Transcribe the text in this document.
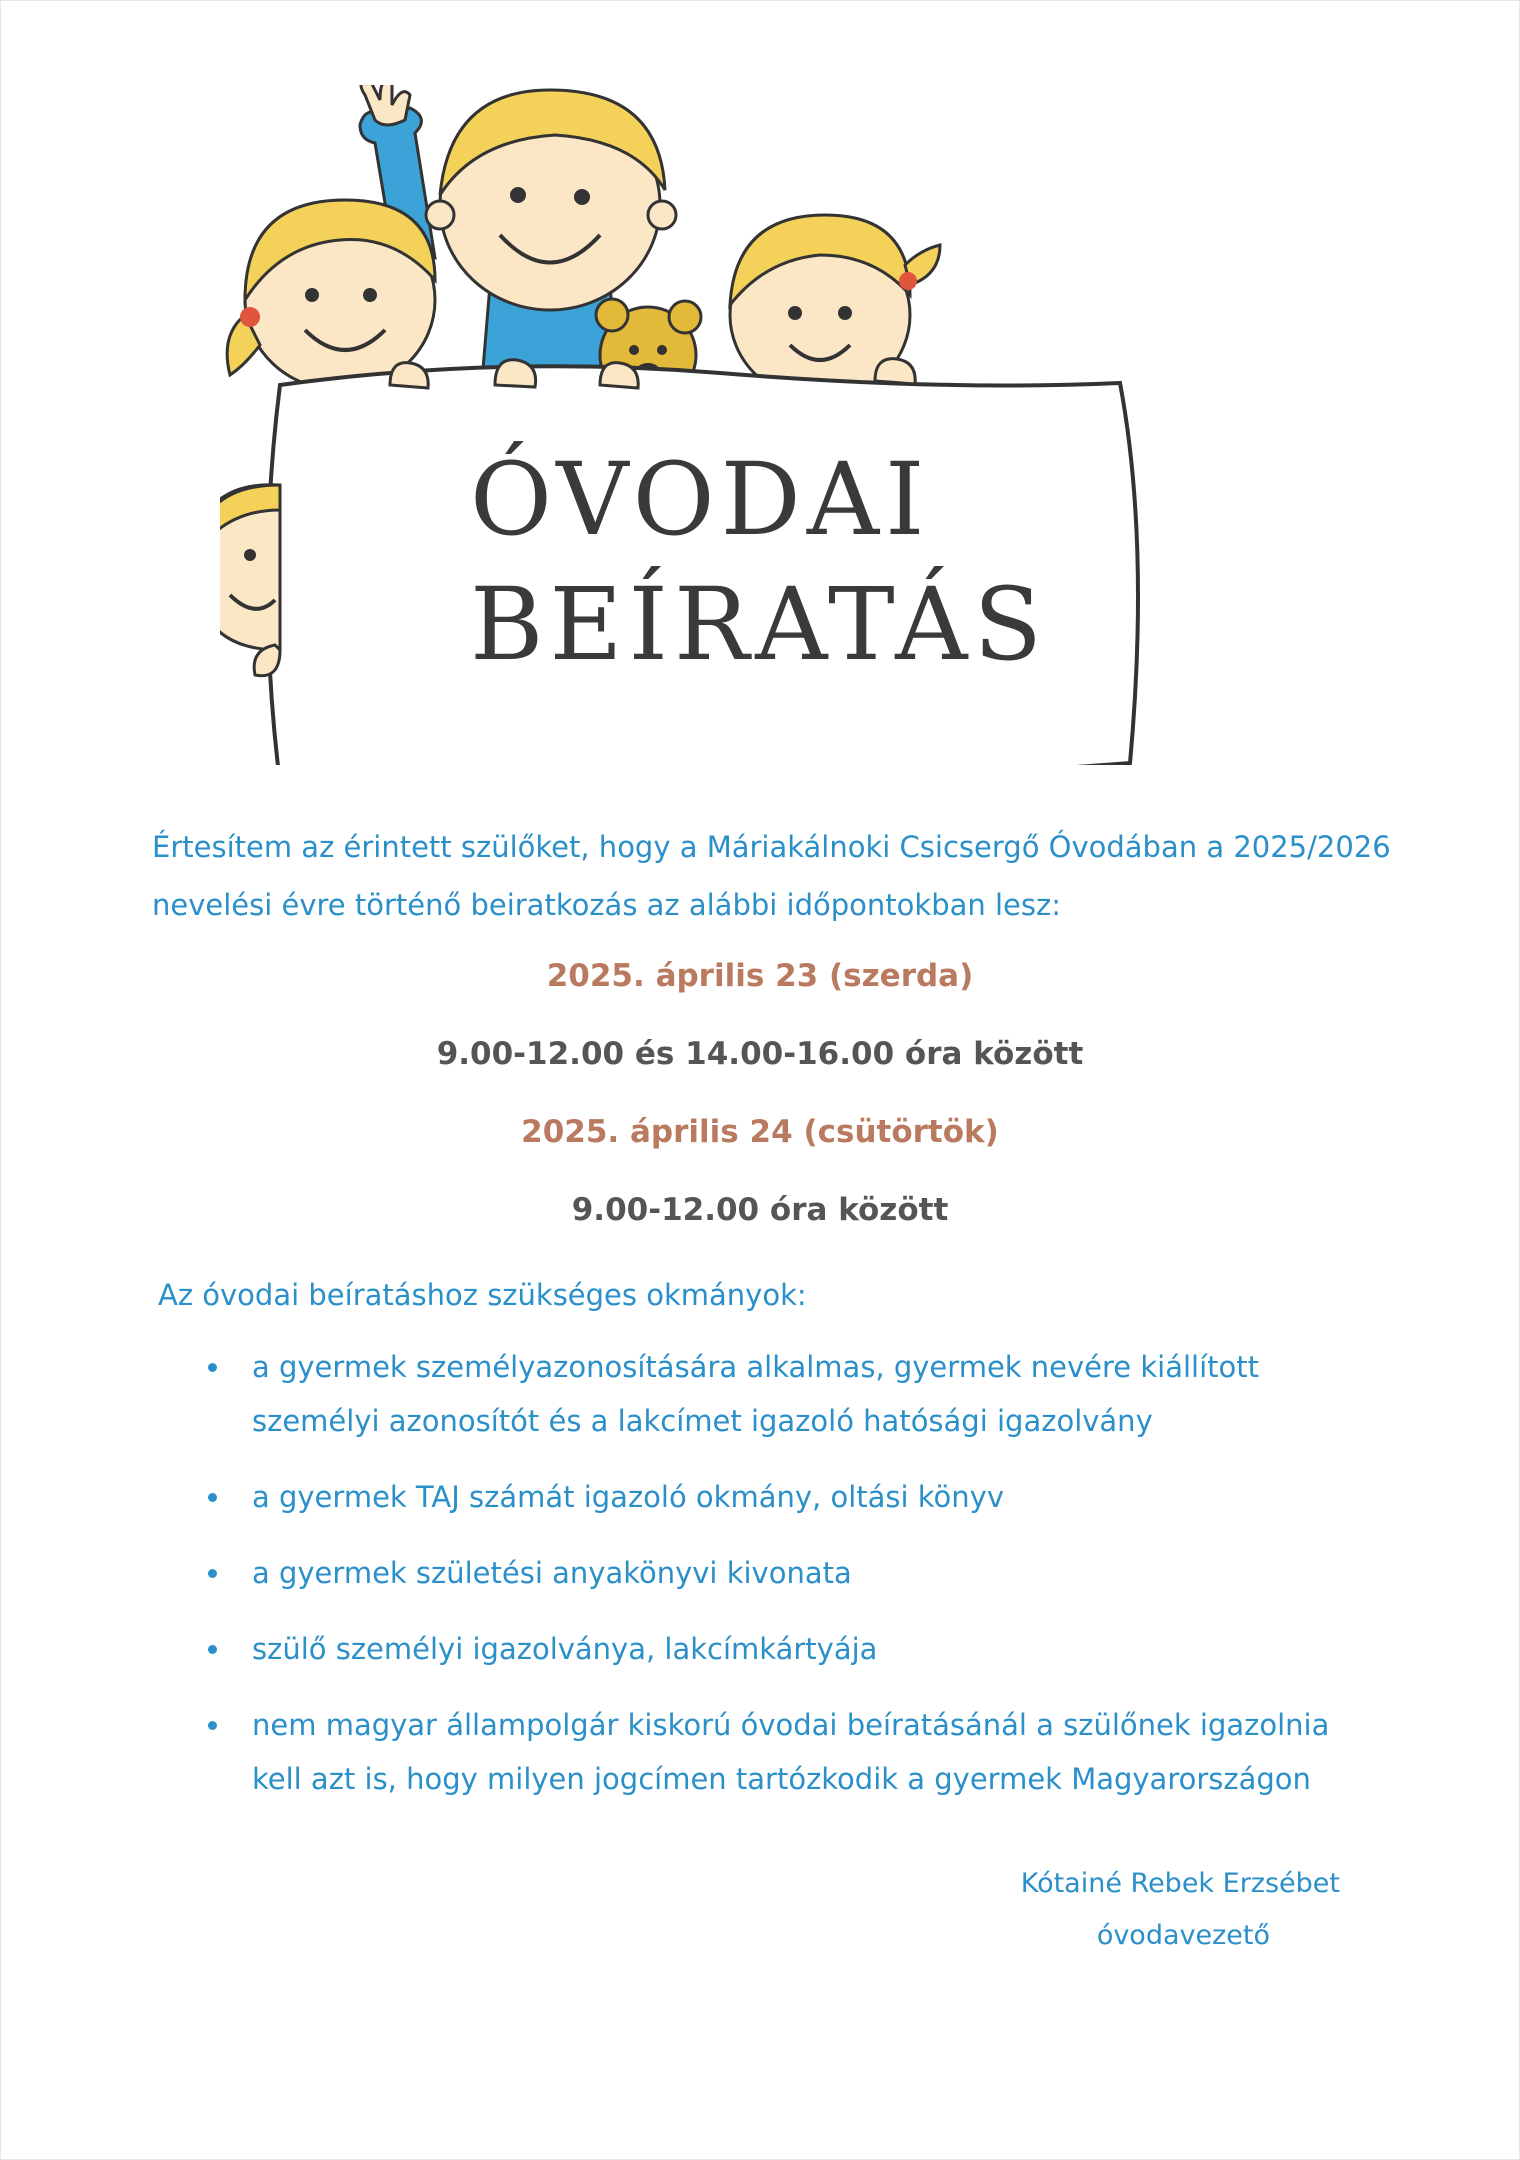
ÓVODAI
BEÍRATÁS
Értesítem az érintett szülőket, hogy a Máriakálnoki Csicsergő Óvodában a 2025/2026 nevelési évre történő beiratkozás az alábbi időpontokban lesz:
2025. április 23 (szerda)
9.00-12.00 és 14.00-16.00 óra között
2025. április 24 (csütörtök)
9.00-12.00 óra között
Az óvodai beíratáshoz szükséges okmányok:
a gyermek személyazonosítására alkalmas, gyermek nevére kiállított személyi azonosítót és a lakcímet igazoló hatósági igazolvány
a gyermek TAJ számát igazoló okmány, oltási könyv
a gyermek születési anyakönyvi kivonata
szülő személyi igazolványa, lakcímkártyája
nem magyar állampolgár kiskorú óvodai beíratásánál a szülőnek igazolnia kell azt is, hogy milyen jogcímen tartózkodik a gyermek Magyarországon
Kótainé Rebek Erzsébet
óvodavezető
